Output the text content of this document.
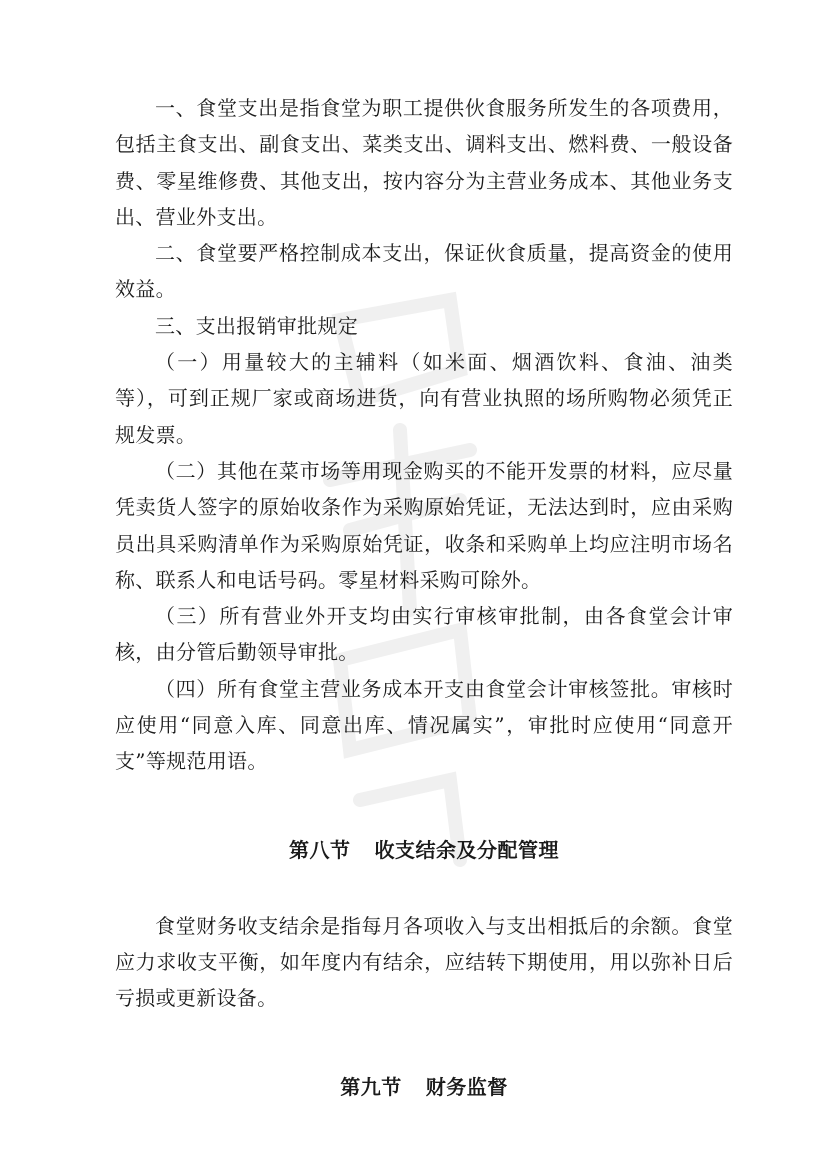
一、食堂支出是指食堂为职工提供伙食服务所发生的各项费用，包括主食支出、副食支出、菜类支出、调料支出、燃料费、一般设备费、零星维修费、其他支出，按内容分为主营业务成本、其他业务支出、营业外支出。

二、食堂要严格控制成本支出，保证伙食质量，提高资金的使用效益。

三、支出报销审批规定

（一）用量较大的主辅料（如米面、烟酒饮料、食油、油类等），可到正规厂家或商场进货，向有营业执照的场所购物必须凭正规发票。

（二）其他在菜市场等用现金购买的不能开发票的材料，应尽量凭卖货人签字的原始收条作为采购原始凭证，无法达到时，应由采购员出具采购清单作为采购原始凭证，收条和采购单上均应注明市场名称、联系人和电话号码。零星材料采购可除外。

（三）所有营业外开支均由实行审核审批制，由各食堂会计审核，由分管后勤领导审批。

（四）所有食堂主营业务成本开支由食堂会计审核签批。审核时应使用“同意入库、同意出库、情况属实”，审批时应使用“同意开支”等规范用语。

第八节 收支结余及分配管理

食堂财务收支结余是指每月各项收入与支出相抵后的余额。食堂应力求收支平衡，如年度内有结余，应结转下期使用，用以弥补日后亏损或更新设备。

第九节 财务监督
